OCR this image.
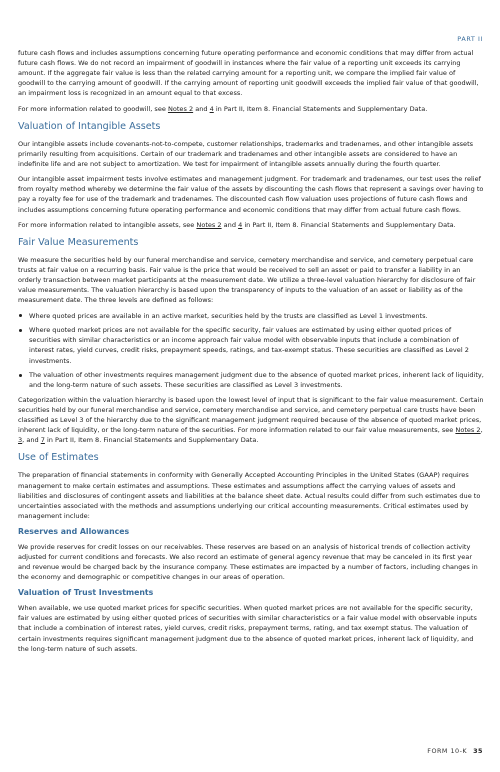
PART II

future cash flows and includes assumptions concerning future operating performance and economic conditions that may differ from actual future cash flows. We do not record an impairment of goodwill in instances where the fair value of a reporting unit exceeds its carrying amount. If the aggregate fair value is less than the related carrying amount for a reporting unit, we compare the implied fair value of goodwill to the carrying amount of goodwill. If the carrying amount of reporting unit goodwill exceeds the implied fair value of that goodwill, an impairment loss is recognized in an amount equal to that excess.

For more information related to goodwill, see Notes 2 and 4 in Part II, Item 8. Financial Statements and Supplementary Data.

Valuation of Intangible Assets

Our intangible assets include covenants-not-to-compete, customer relationships, trademarks and tradenames, and other intangible assets primarily resulting from acquisitions. Certain of our trademark and tradenames and other intangible assets are considered to have an indefinite life and are not subject to amortization. We test for impairment of intangible assets annually during the fourth quarter.

Our intangible asset impairment tests involve estimates and management judgment. For trademark and tradenames, our test uses the relief from royalty method whereby we determine the fair value of the assets by discounting the cash flows that represent a savings over having to pay a royalty fee for use of the trademark and tradenames. The discounted cash flow valuation uses projections of future cash flows and includes assumptions concerning future operating performance and economic conditions that may differ from actual future cash flows.

For more information related to intangible assets, see Notes 2 and 4 in Part II, Item 8. Financial Statements and Supplementary Data.

Fair Value Measurements

We measure the securities held by our funeral merchandise and service, cemetery merchandise and service, and cemetery perpetual care trusts at fair value on a recurring basis. Fair value is the price that would be received to sell an asset or paid to transfer a liability in an orderly transaction between market participants at the measurement date. We utilize a three-level valuation hierarchy for disclosure of fair value measurements. The valuation hierarchy is based upon the transparency of inputs to the valuation of an asset or liability as of the measurement date. The three levels are defined as follows:

Where quoted prices are available in an active market, securities held by the trusts are classified as Level 1 investments.
Where quoted market prices are not available for the specific security, fair values are estimated by using either quoted prices of securities with similar characteristics or an income approach fair value model with observable inputs that include a combination of interest rates, yield curves, credit risks, prepayment speeds, ratings, and tax-exempt status. These securities are classified as Level 2 investments.
The valuation of other investments requires management judgment due to the absence of quoted market prices, inherent lack of liquidity, and the long-term nature of such assets. These securities are classified as Level 3 investments.

Categorization within the valuation hierarchy is based upon the lowest level of input that is significant to the fair value measurement. Certain securities held by our funeral merchandise and service, cemetery merchandise and service, and cemetery perpetual care trusts have been classified as Level 3 of the hierarchy due to the significant management judgment required because of the absence of quoted market prices, inherent lack of liquidity, or the long-term nature of the securities. For more information related to our fair value measurements, see Notes 2, 3, and 7 in Part II, Item 8. Financial Statements and Supplementary Data.

Use of Estimates

The preparation of financial statements in conformity with Generally Accepted Accounting Principles in the United States (GAAP) requires management to make certain estimates and assumptions. These estimates and assumptions affect the carrying values of assets and liabilities and disclosures of contingent assets and liabilities at the balance sheet date. Actual results could differ from such estimates due to uncertainties associated with the methods and assumptions underlying our critical accounting measurements. Critical estimates used by management include:

Reserves and Allowances

We provide reserves for credit losses on our receivables. These reserves are based on an analysis of historical trends of collection activity adjusted for current conditions and forecasts. We also record an estimate of general agency revenue that may be canceled in its first year and revenue would be charged back by the insurance company. These estimates are impacted by a number of factors, including changes in the economy and demographic or competitive changes in our areas of operation.

Valuation of Trust Investments

When available, we use quoted market prices for specific securities. When quoted market prices are not available for the specific security, fair values are estimated by using either quoted prices of securities with similar characteristics or a fair value model with observable inputs that include a combination of interest rates, yield curves, credit risks, prepayment terms, rating, and tax exempt status. The valuation of certain investments requires significant management judgment due to the absence of quoted market prices, inherent lack of liquidity, and the long-term nature of such assets.

FORM 10-K 35
